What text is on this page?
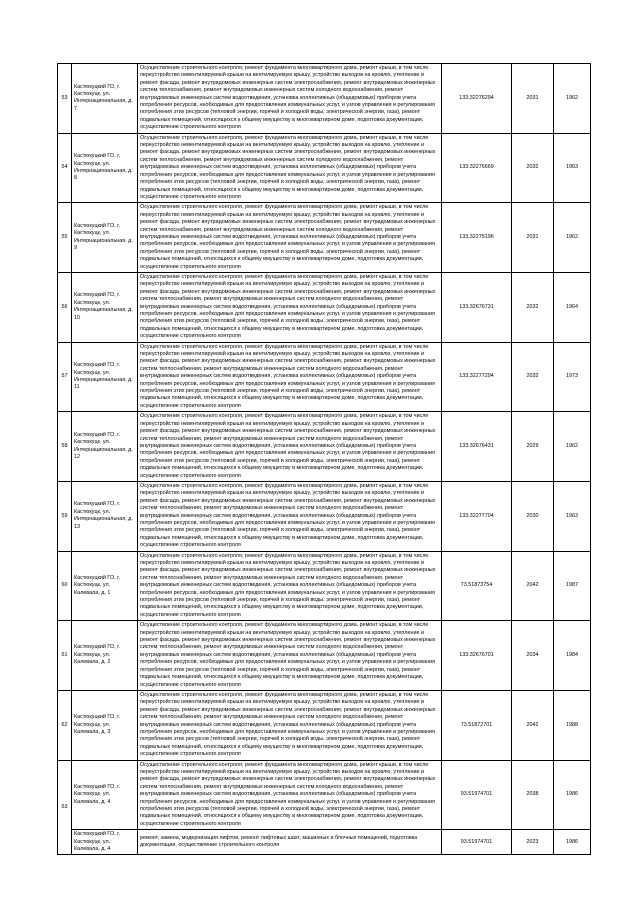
53	Кастюкуцкий ГО, г. Кастюкуцк, ул. Интернациональная, д. 7	Осуществление строительного контроля, ремонт фундамента многоквартирного дома, ремонт крыши, в том числе переустройство невентилируемой крыши на вентилируемую крышу, устройство выходов на кровлю, утепление и ремонт фасада, ремонт внутридомовых инженерных систем электроснабжения, ремонт внутридомовых инженерных систем теплоснабжения, ремонт внутридомовых инженерных систем холодного водоснабжения, ремонт внутридомовых инженерных систем водоотведения, установка коллективных (общедомовых) приборов учета потребления ресурсов, необходимых для предоставления коммунальных услуг, и узлов управления и регулирования потребления этих ресурсов (тепловой энергии, горячей и холодной воды, электрической энергии, газа), ремонт подвальных помещений, относящихся к общему имуществу в многоквартирном доме, подготовка документации, осуществление строительного контроля	133.32276294	2031	1962
54	Кастюкуцкий ГО, г. Кастюкуцк, ул. Интернациональная, д. 8	Осуществление строительного контроля, ремонт фундамента многоквартирного дома, ремонт крыши, в том числе переустройство невентилируемой крыши на вентилируемую крышу, устройство выходов на кровлю, утепление и ремонт фасада, ремонт внутридомовых инженерных систем электроснабжения, ремонт внутридомовых инженерных систем теплоснабжения, ремонт внутридомовых инженерных систем холодного водоснабжения, ремонт внутридомовых инженерных систем водоотведения, установка коллективных (общедомовых) приборов учета потребления ресурсов, необходимых для предоставления коммунальных услуг, и узлов управления и регулирования потребления этих ресурсов (тепловой энергии, горячей и холодной воды, электрической энергии, газа), ремонт подвальных помещений, относящихся к общему имуществу в многоквартирном доме, подготовка документации, осуществление строительного контроля	133.32276669	2032	1963
55	Кастюкуцкий ГО, г. Кастюкуцк, ул. Интернациональная, д. 9	Осуществление строительного контроля, ремонт фундамента многоквартирного дома, ремонт крыши, в том числе переустройство невентилируемой крыши на вентилируемую крышу, устройство выходов на кровлю, утепление и ремонт фасада, ремонт внутридомовых инженерных систем электроснабжения, ремонт внутридомовых инженерных систем теплоснабжения, ремонт внутридомовых инженерных систем холодного водоснабжения, ремонт внутридомовых инженерных систем водоотведения, установка коллективных (общедомовых) приборов учета потребления ресурсов, необходимых для предоставления коммунальных услуг, и узлов управления и регулирования потребления этих ресурсов (тепловой энергии, горячей и холодной воды, электрической энергии, газа), ремонт подвальных помещений, относящихся к общему имуществу в многоквартирном доме, подготовка документации, осуществление строительного контроля	133.32275196	2031	1962
56	Кастюкуцкий ГО, г. Кастюкуцк, ул. Интернациональная, д. 10	Осуществление строительного контроля, ремонт фундамента многоквартирного дома, ремонт крыши, в том числе переустройство невентилируемой крыши на вентилируемую крышу, устройство выходов на кровлю, утепление и ремонт фасада, ремонт внутридомовых инженерных систем электроснабжения, ремонт внутридомовых инженерных систем теплоснабжения, ремонт внутридомовых инженерных систем холодного водоснабжения, ремонт внутридомовых инженерных систем водоотведения, установка коллективных (общедомовых) приборов учета потребления ресурсов, необходимых для предоставления коммунальных услуг, и узлов управления и регулирования потребления этих ресурсов (тепловой энергии, горячей и холодной воды, электрической энергии, газа), ремонт подвальных помещений, относящихся к общему имуществу в многоквартирном доме, подготовка документации, осуществление строительного контроля	133.32676731	2032	1964
57	Кастюкуцкий ГО, г. Кастюкуцк, ул. Интернациональная, д. 11	Осуществление строительного контроля, ремонт фундамента многоквартирного дома, ремонт крыши, в том числе переустройство невентилируемой крыши на вентилируемую крышу, устройство выходов на кровлю, утепление и ремонт фасада, ремонт внутридомовых инженерных систем электроснабжения, ремонт внутридомовых инженерных систем теплоснабжения, ремонт внутридомовых инженерных систем холодного водоснабжения, ремонт внутридомовых инженерных систем водоотведения, установка коллективных (общедомовых) приборов учета потребления ресурсов, необходимых для предоставления коммунальных услуг, и узлов управления и регулирования потребления этих ресурсов (тепловой энергии, горячей и холодной воды, электрической энергии, газа), ремонт подвальных помещений, относящихся к общему имуществу в многоквартирном доме, подготовка документации, осуществление строительного контроля	133.32277294	2032	1973
58	Кастюкуцкий ГО, г. Кастюкуцк, ул. Интернациональная, д. 12	Осуществление строительного контроля, ремонт фундамента многоквартирного дома, ремонт крыши, в том числе переустройство невентилируемой крыши на вентилируемую крышу, устройство выходов на кровлю, утепление и ремонт фасада, ремонт внутридомовых инженерных систем электроснабжения, ремонт внутридомовых инженерных систем теплоснабжения, ремонт внутридомовых инженерных систем холодного водоснабжения, ремонт внутридомовых инженерных систем водоотведения, установка коллективных (общедомовых) приборов учета потребления ресурсов, необходимых для предоставления коммунальных услуг, и узлов управления и регулирования потребления этих ресурсов (тепловой энергии, горячей и холодной воды, электрической энергии, газа), ремонт подвальных помещений, относящихся к общему имуществу в многоквартирном доме, подготовка документации, осуществление строительного контроля	133.32676431	2029	1962
59	Кастюкуцкий ГО, г. Кастюкуцк, ул. Интернациональная, д. 13	Осуществление строительного контроля, ремонт фундамента многоквартирного дома, ремонт крыши, в том числе переустройство невентилируемой крыши на вентилируемую крышу, устройство выходов на кровлю, утепление и ремонт фасада, ремонт внутридомовых инженерных систем электроснабжения, ремонт внутридомовых инженерных систем теплоснабжения, ремонт внутридомовых инженерных систем холодного водоснабжения, ремонт внутридомовых инженерных систем водоотведения, установка коллективных (общедомовых) приборов учета потребления ресурсов, необходимых для предоставления коммунальных услуг, и узлов управления и регулирования потребления этих ресурсов (тепловой энергии, горячей и холодной воды, электрической энергии, газа), ремонт подвальных помещений, относящихся к общему имуществу в многоквартирном доме, подготовка документации, осуществление строительного контроля	133.32277704	2030	1963
60	Кастюкуцкий ГО, г. Кастюкуцк, ул. Калевала, д. 1	Осуществление строительного контроля, ремонт фундамента многоквартирного дома, ремонт крыши, в том числе переустройство невентилируемой крыши на вентилируемую крышу, устройство выходов на кровлю, утепление и ремонт фасада, ремонт внутридомовых инженерных систем электроснабжения, ремонт внутридомовых инженерных систем теплоснабжения, ремонт внутридомовых инженерных систем холодного водоснабжения, ремонт внутридомовых инженерных систем водоотведения, установка коллективных (общедомовых) приборов учета потребления ресурсов, необходимых для предоставления коммунальных услуг, и узлов управления и регулирования потребления этих ресурсов (тепловой энергии, горячей и холодной воды, электрической энергии, газа), ремонт подвальных помещений, относящихся к общему имуществу в многоквартирном доме, подготовка документации, осуществление строительного контроля	73.51873754	2042	1987
61	Кастюкуцкий ГО, г. Кастюкуцк, ул. Калевала, д. 2	Осуществление строительного контроля, ремонт фундамента многоквартирного дома, ремонт крыши, в том числе переустройство невентилируемой крыши на вентилируемую крышу, устройство выходов на кровлю, утепление и ремонт фасада, ремонт внутридомовых инженерных систем электроснабжения, ремонт внутридомовых инженерных систем теплоснабжения, ремонт внутридомовых инженерных систем холодного водоснабжения, ремонт внутридомовых инженерных систем водоотведения, установка коллективных (общедомовых) приборов учета потребления ресурсов, необходимых для предоставления коммунальных услуг, и узлов управления и регулирования потребления этих ресурсов (тепловой энергии, горячей и холодной воды, электрической энергии, газа), ремонт подвальных помещений, относящихся к общему имуществу в многоквартирном доме, подготовка документации, осуществление строительного контроля	133.32676701	2034	1984
62	Кастюкуцкий ГО, г. Кастюкуцк, ул. Калевала, д. 3	Осуществление строительного контроля, ремонт фундамента многоквартирного дома, ремонт крыши, в том числе переустройство невентилируемой крыши на вентилируемую крышу, устройство выходов на кровлю, утепление и ремонт фасада, ремонт внутридомовых инженерных систем электроснабжения, ремонт внутридомовых инженерных систем теплоснабжения, ремонт внутридомовых инженерных систем холодного водоснабжения, ремонт внутридомовых инженерных систем водоотведения, установка коллективных (общедомовых) приборов учета потребления ресурсов, необходимых для предоставления коммунальных услуг, и узлов управления и регулирования потребления этих ресурсов (тепловой энергии, горячей и холодной воды, электрической энергии, газа), ремонт подвальных помещений, относящихся к общему имуществу в многоквартирном доме, подготовка документации, осуществление строительного контроля	73.51872701	2042	1988
63	Кастюкуцкий ГО, г. Кастюкуцк, ул. Калевала, д. 4	Осуществление строительного контроля, ремонт фундамента многоквартирного дома, ремонт крыши, в том числе переустройство невентилируемой крыши на вентилируемую крышу, устройство выходов на кровлю, утепление и ремонт фасада, ремонт внутридомовых инженерных систем электроснабжения, ремонт внутридомовых инженерных систем теплоснабжения, ремонт внутридомовых инженерных систем холодного водоснабжения, ремонт внутридомовых инженерных систем водоотведения, установка коллективных (общедомовых) приборов учета потребления ресурсов, необходимых для предоставления коммунальных услуг, и узлов управления и регулирования потребления этих ресурсов (тепловой энергии, горячей и холодной воды, электрической энергии, газа), ремонт подвальных помещений, относящихся к общему имуществу в многоквартирном доме, подготовка документации, осуществление строительного контроля	93.51974701	2038	1986
	Кастюкуцкий ГО, г. Кастюкуцк, ул. Калевала, д. 4	ремонт, замена, модернизация лифтов, ремонт лифтовых шахт, машинных и блочных помещений, подготовка документации, осуществление строительного контроля	93.51974701	2023	1986
